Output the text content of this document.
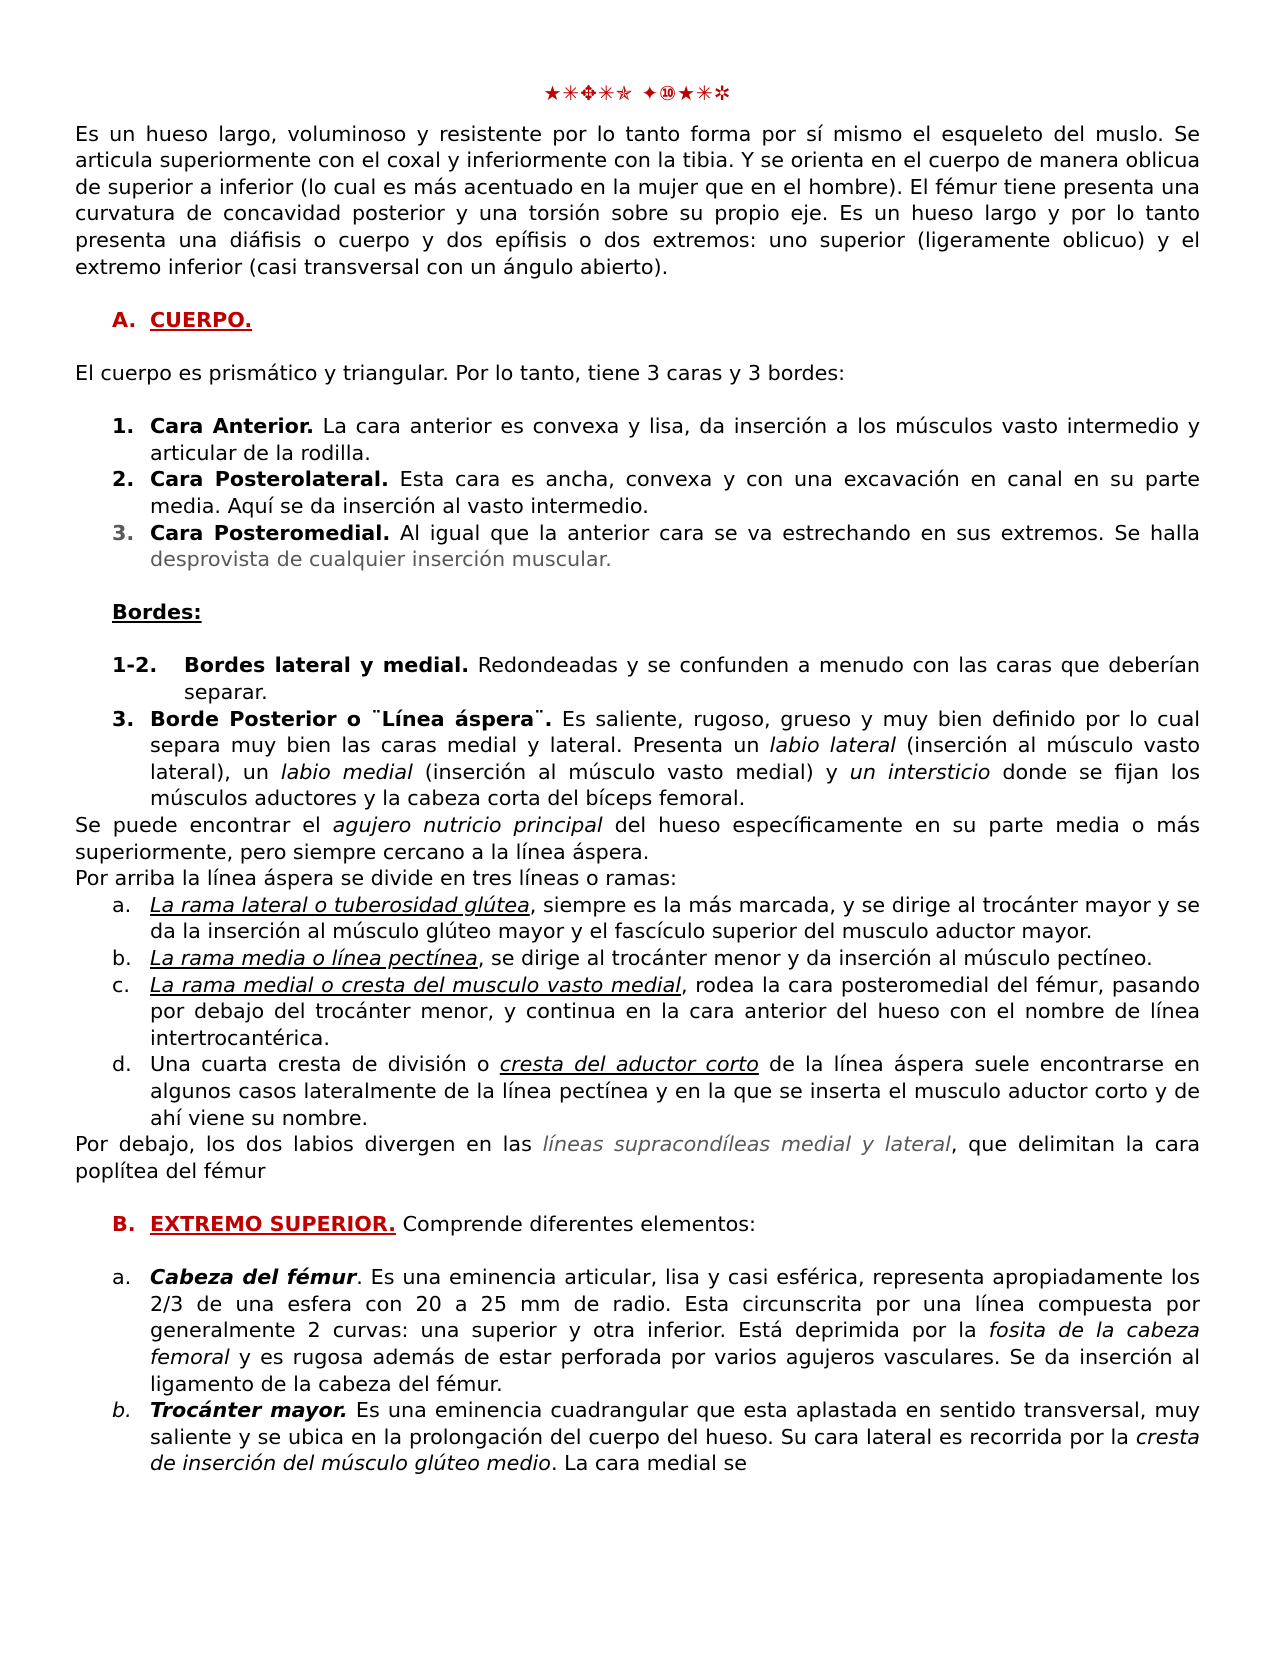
★✳✥✳✯ ✦⑩★✳✲

Es un hueso largo, voluminoso y resistente por lo tanto forma por sí mismo el esqueleto del muslo. Se articula superiormente con el coxal y inferiormente con la tibia. Y se orienta en el cuerpo de manera oblicua de superior a inferior (lo cual es más acentuado en la mujer que en el hombre). El fémur tiene presenta una curvatura de concavidad posterior y una torsión sobre su propio eje. Es un hueso largo y por lo tanto presenta una diáfisis o cuerpo y dos epífisis o dos extremos: uno superior (ligeramente oblicuo) y el extremo inferior (casi transversal con un ángulo abierto).

A. CUERPO.

El cuerpo es prismático y triangular. Por lo tanto, tiene 3 caras y 3 bordes:

1. Cara Anterior. La cara anterior es convexa y lisa, da inserción a los músculos vasto intermedio y articular de la rodilla.
2. Cara Posterolateral. Esta cara es ancha, convexa y con una excavación en canal en su parte media. Aquí se da inserción al vasto intermedio.
3. Cara Posteromedial. Al igual que la anterior cara se va estrechando en sus extremos. Se halla desprovista de cualquier inserción muscular.

Bordes:

1-2.	Bordes lateral y medial. Redondeadas y se confunden a menudo con las caras que deberían separar.
3. Borde Posterior o ¨Línea áspera¨. Es saliente, rugoso, grueso y muy bien definido por lo cual separa muy bien las caras medial y lateral. Presenta un labio lateral (inserción al músculo vasto lateral), un labio medial (inserción al músculo vasto medial) y un intersticio donde se fijan los músculos aductores y la cabeza corta del bíceps femoral.

Se puede encontrar el agujero nutricio principal del hueso específicamente en su parte media o más superiormente, pero siempre cercano a la línea áspera.

Por arriba la línea áspera se divide en tres líneas o ramas:

a. La rama lateral o tuberosidad glútea, siempre es la más marcada, y se dirige al trocánter mayor y se da la inserción al músculo glúteo mayor y el fascículo superior del musculo aductor mayor.
b. La rama media o línea pectínea, se dirige al trocánter menor y da inserción al músculo pectíneo.
c. La rama medial o cresta del musculo vasto medial, rodea la cara posteromedial del fémur, pasando por debajo del trocánter menor, y continua en la cara anterior del hueso con el nombre de línea intertrocantérica.
d. Una cuarta cresta de división o cresta del aductor corto de la línea áspera suele encontrarse en algunos casos lateralmente de la línea pectínea y en la que se inserta el musculo aductor corto y de ahí viene su nombre.

Por debajo, los dos labios divergen en las líneas supracondíleas medial y lateral, que delimitan la cara poplítea del fémur

B. EXTREMO SUPERIOR. Comprende diferentes elementos:
a. Cabeza del fémur. Es una eminencia articular, lisa y casi esférica, representa apropiadamente los 2/3 de una esfera con 20 a 25 mm de radio. Esta circunscrita por una línea compuesta por generalmente 2 curvas: una superior y otra inferior. Está deprimida por la fosita de la cabeza femoral y es rugosa además de estar perforada por varios agujeros vasculares. Se da inserción al ligamento de la cabeza del fémur.
b. Trocánter mayor. Es una eminencia cuadrangular que esta aplastada en sentido transversal, muy saliente y se ubica en la prolongación del cuerpo del hueso. Su cara lateral es recorrida por la cresta de inserción del músculo glúteo medio. La cara medial se
